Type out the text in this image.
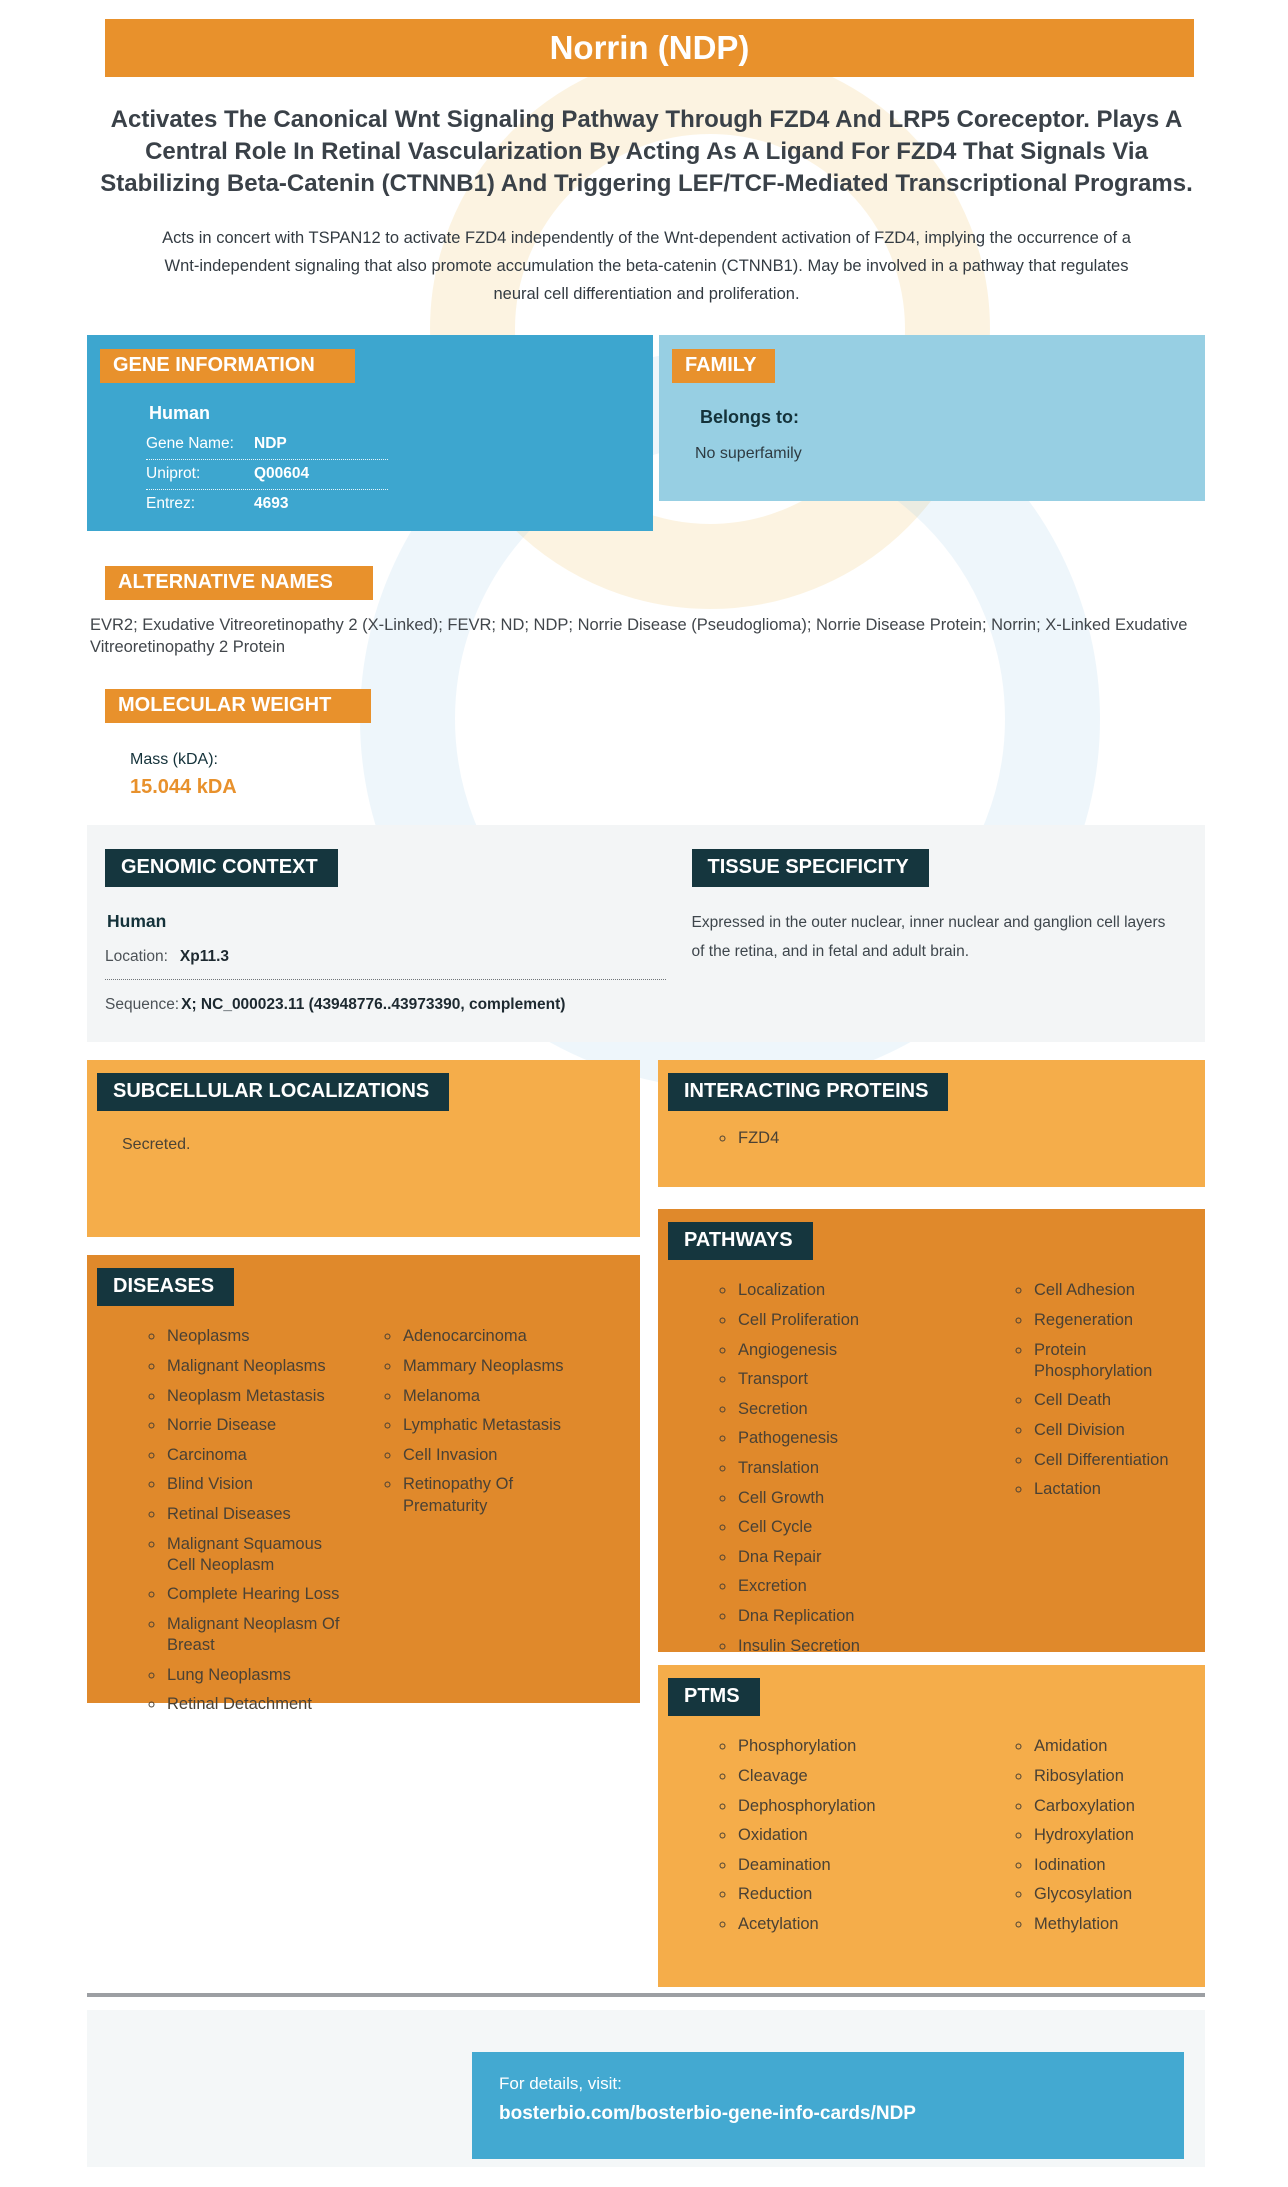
Norrin (NDP)
Activates The Canonical Wnt Signaling Pathway Through FZD4 And LRP5 Coreceptor. Plays A Central Role In Retinal Vascularization By Acting As A Ligand For FZD4 That Signals Via Stabilizing Beta-Catenin (CTNNB1) And Triggering LEF/TCF-Mediated Transcriptional Programs.
Acts in concert with TSPAN12 to activate FZD4 independently of the Wnt-dependent activation of FZD4, implying the occurrence of a Wnt-independent signaling that also promote accumulation the beta-catenin (CTNNB1). May be involved in a pathway that regulates neural cell differentiation and proliferation.
GENE INFORMATION
Human
Gene Name:	NDP
Uniprot:	Q00604
Entrez:	4693
FAMILY
Belongs to:
No superfamily
ALTERNATIVE NAMES
EVR2; Exudative Vitreoretinopathy 2 (X-Linked); FEVR; ND; NDP; Norrie Disease (Pseudoglioma); Norrie Disease Protein; Norrin; X-Linked Exudative Vitreoretinopathy 2 Protein
MOLECULAR WEIGHT
Mass (kDA):
15.044 kDA
GENOMIC CONTEXT
Human
Location: Xp11.3
Sequence: X; NC_000023.11 (43948776..43973390, complement)
TISSUE SPECIFICITY
Expressed in the outer nuclear, inner nuclear and ganglion cell layers of the retina, and in fetal and adult brain.
SUBCELLULAR LOCALIZATIONS
Secreted.
DISEASES
◦ Neoplasms
◦ Malignant Neoplasms
◦ Neoplasm Metastasis
◦ Norrie Disease
◦ Carcinoma
◦ Blind Vision
◦ Retinal Diseases
◦ Malignant Squamous Cell Neoplasm
◦ Complete Hearing Loss
◦ Malignant Neoplasm Of Breast
◦ Lung Neoplasms
◦ Retinal Detachment
◦ Adenocarcinoma
◦ Mammary Neoplasms
◦ Melanoma
◦ Lymphatic Metastasis
◦ Cell Invasion
◦ Retinopathy Of Prematurity
INTERACTING PROTEINS
◦ FZD4
PATHWAYS
◦ Localization
◦ Cell Proliferation
◦ Angiogenesis
◦ Transport
◦ Secretion
◦ Pathogenesis
◦ Translation
◦ Cell Growth
◦ Cell Cycle
◦ Dna Repair
◦ Excretion
◦ Dna Replication
◦ Insulin Secretion
◦ Cell Adhesion
◦ Regeneration
◦ Protein Phosphorylation
◦ Cell Death
◦ Cell Division
◦ Cell Differentiation
◦ Lactation
PTMS
◦ Phosphorylation
◦ Cleavage
◦ Dephosphorylation
◦ Oxidation
◦ Deamination
◦ Reduction
◦ Acetylation
◦ Amidation
◦ Ribosylation
◦ Carboxylation
◦ Hydroxylation
◦ Iodination
◦ Glycosylation
◦ Methylation
For details, visit:
bosterbio.com/bosterbio-gene-info-cards/NDP
